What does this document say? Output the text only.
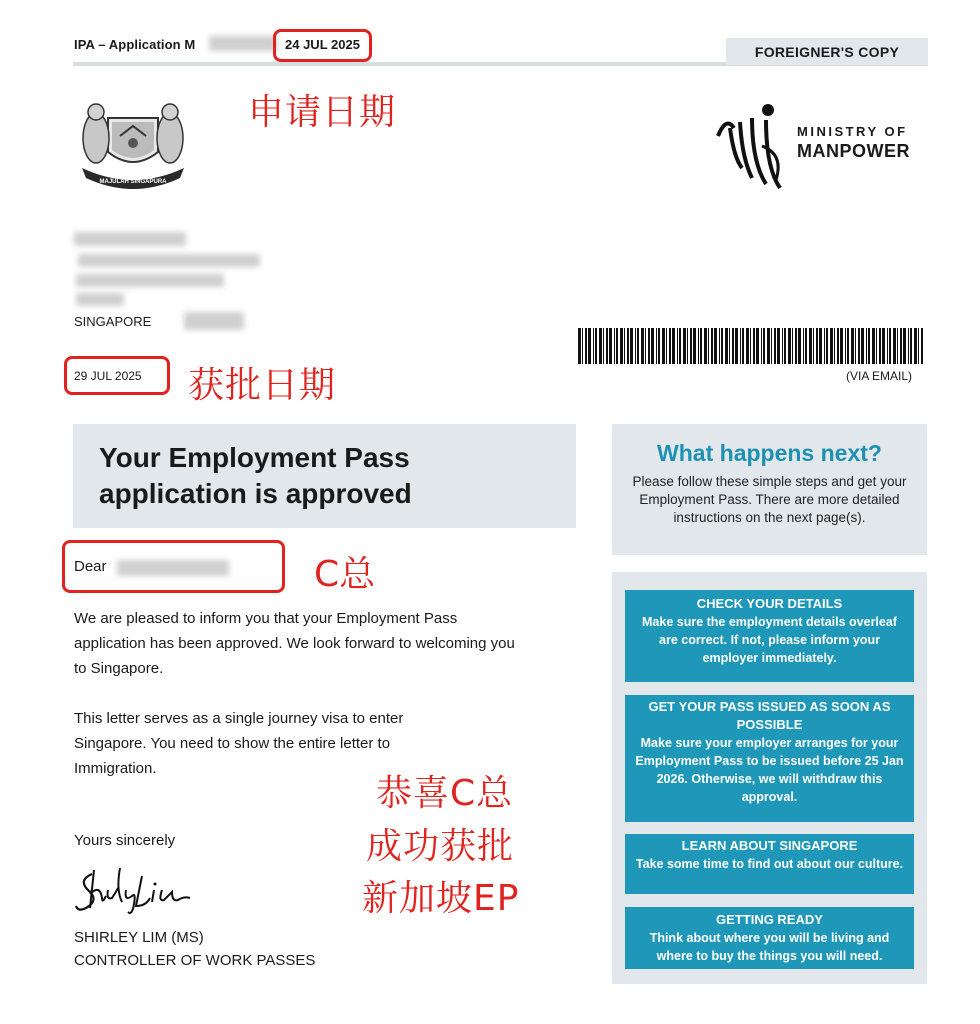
IPA – Application M	24 JUL 2025	FOREIGNER'S COPY
申请日期
MAJULAH SINGAPURA
MINISTRY OF
MANPOWER
SINGAPORE
(VIA EMAIL)
29 JUL 2025 获批日期
Your Employment Pass application is approved
Dear	C总
We are pleased to inform you that your Employment Pass application has been approved. We look forward to welcoming you to Singapore.
This letter serves as a single journey visa to enter Singapore. You need to show the entire letter to Immigration.
恭喜C总
成功获批
新加坡EP
Yours sincerely
SHIRLEY LIM (MS)
CONTROLLER OF WORK PASSES
What happens next?
Please follow these simple steps and get your Employment Pass. There are more detailed instructions on the next page(s).
CHECK YOUR DETAILS
Make sure the employment details overleaf are correct. If not, please inform your employer immediately.
GET YOUR PASS ISSUED AS SOON AS POSSIBLE
Make sure your employer arranges for your Employment Pass to be issued before 25 Jan 2026. Otherwise, we will withdraw this approval.
LEARN ABOUT SINGAPORE
Take some time to find out about our culture.
GETTING READY
Think about where you will be living and where to buy the things you will need.
